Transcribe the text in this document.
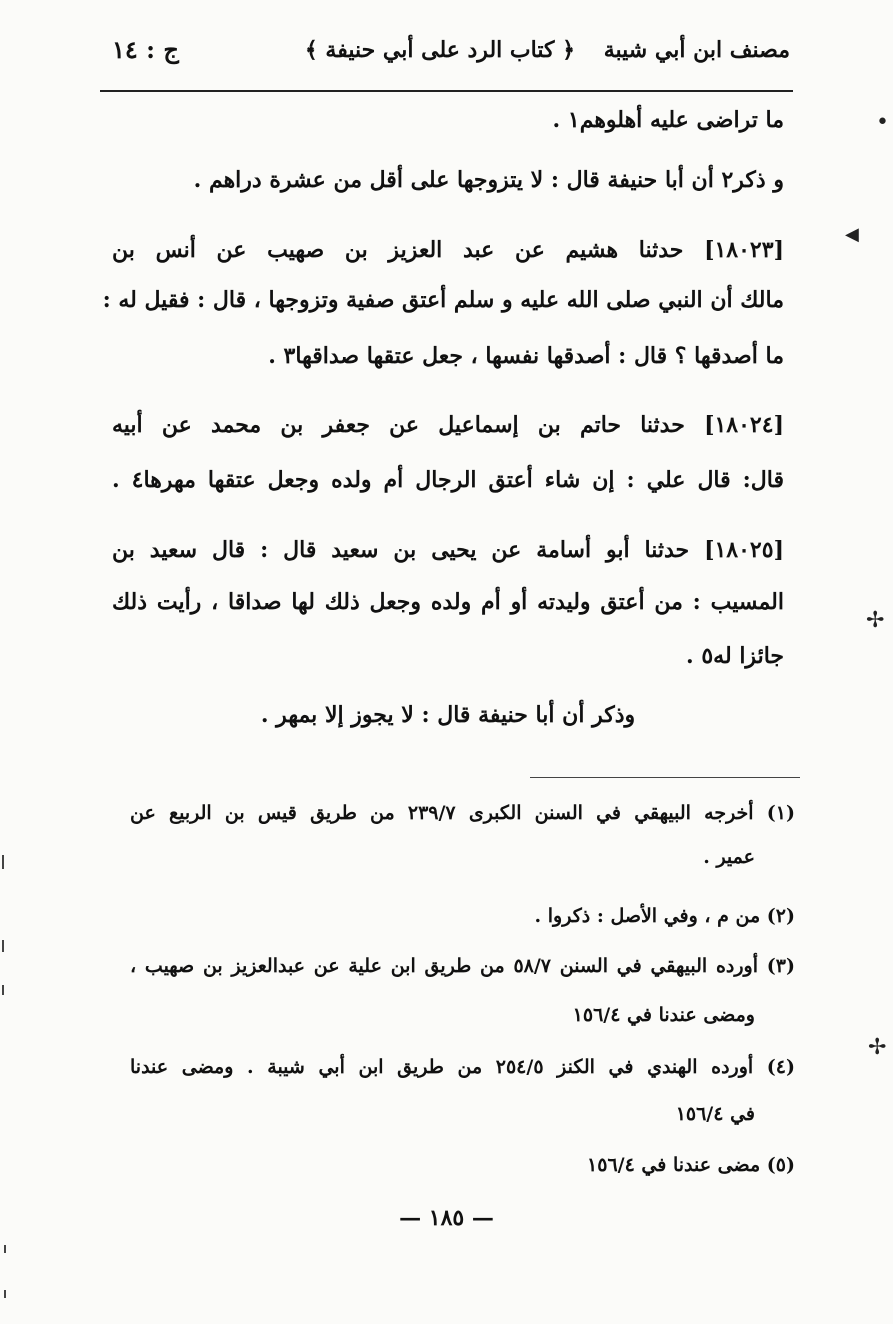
مصنف ابن أبي شيبة
﴿ كتاب الرد على أبي حنيفة ﴾
ج : ١٤
ما تراضى عليه أهلوهم١ .
و ذكر٢ أن أبا حنيفة قال : لا يتزوجها على أقل من عشرة دراهم .
[١٨٠٢٣] حدثنا هشيم عن عبد العزيز بن صهيب عن أنس بن
مالك أن النبي صلى الله عليه و سلم أعتق صفية وتزوجها ، قال : فقيل له :
ما أصدقها ؟ قال : أصدقها نفسها ، جعل عتقها صداقها٣ .
[١٨٠٢٤] حدثنا حاتم بن إسماعيل عن جعفر بن محمد عن أبيه
قال: قال علي : إن شاء أعتق الرجال أم ولده وجعل عتقها مهرها٤ .
[١٨٠٢٥] حدثنا أبو أسامة عن يحيى بن سعيد قال : قال سعيد بن
المسيب : من أعتق وليدته أو أم ولده وجعل ذلك لها صداقا ، رأيت ذلك
جائزا له٥ .
وذكر أن أبا حنيفة قال : لا يجوز إلا بمهر .
(١) أخرجه البيهقي في السنن الكبرى ٢٣٩/٧ من طريق قيس بن الربيع عن
عمير .
(٢) من م ، وفي الأصل : ذكروا .
(٣) أورده البيهقي في السنن ٥٨/٧ من طريق ابن علية عن عبدالعزيز بن صهيب ،
ومضى عندنا في ١٥٦/٤
(٤) أورده الهندي في الكنز ٢٥٤/٥ من طريق ابن أبي شيبة . ومضى عندنا
في ١٥٦/٤
(٥) مضى عندنا في ١٥٦/٤
— ١٨٥ —
•
◀
✢
✢
